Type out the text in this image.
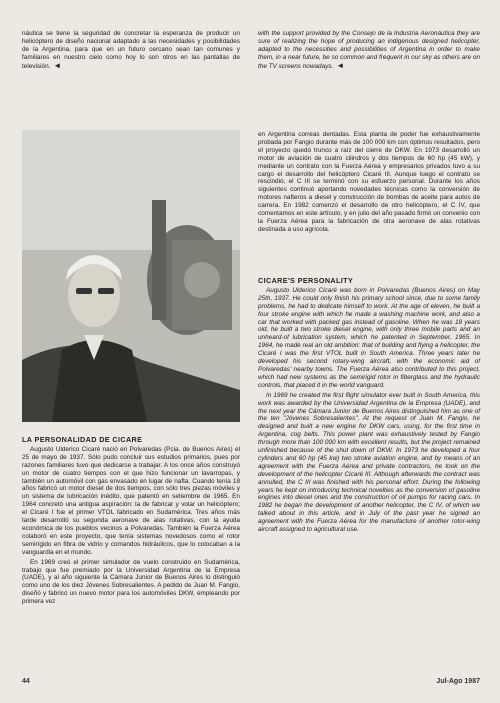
náutica se tiene la seguridad de concretar la esperanza de producir un helicóptero de diseño nacional adaptado a las necesidades y posibilidades de la Argentina, para que en un futuro cercano sean tan comunes y familiares en nuestro cielo como hoy lo son otros en las pantallas de televisión. ◄

with the support provided by the Consejo de la Industria Aeronáutica they are sure of realizing the hope of producing an indigenous designed helicopter, adapted to the necessities and possibilities of Argentina in order to make them, in a near future, be so common and frequent in our sky as others are on the TV screens nowadays. ◄

en Argentina correas dentadas. Esta planta de poder fue exhaustivamente probada por Fangio durante más de 100 000 km con óptimos resultados, pero el proyecto quedó trunco a raíz del cierre de DKW. En 1973 desarrolló un motor de aviación de cuatro cilindros y dos tiempos de 60 hp (45 kW), y mediante un contrato con la Fuerza Aérea y empresarios privados tuvo a su cargo el desarrollo del helicóptero Cicaré III. Aunque luego el contrato se rescindió, el C III se terminó con su esfuerzo personal. Durante los años siguientes continuó aportando novedades técnicas como la conversión de motores nafteros a diesel y construcción de bombas de aceite para autos de carrera. En 1982 comenzó el desarrollo de otro helicóptero, el C IV, que comentamos en este artículo, y en julio del año pasado firmó un convenio con la Fuerza Aérea para la fabricación de otra aeronave de alas rotativas destinada a uso agrícola.

CICARE'S PERSONALITY

Augusto Ulderico Cicaré was born in Polvaredas (Buenos Aires) on May 25th, 1937. He could only finish his primary school since, due to some family problems, he had to dedicate himself to work. At the age of eleven, he built a four stroke engine with which he made a washing machine work, and also a car that worked with packed gas instead of gasoline. When he was 18 years old, he built a two stroke diesel engine, with only three mobile parts and an unheard-of lubrication system, which he patented in September, 1965. In 1964, he made real an old ambition: that of building and flying a helicopter, the Cicaré I was the first VTOL built in South America. Three years later he developed his second rotary-wing aircraft, with the economic aid of Polvaredas' nearby towns. The Fuerza Aérea also contributed to this project, which had new systems as the semirigid rotor in fiberglass and the hydraulic controls, that placed it in the world vanguard.

In 1969 he created the first flight simulator ever built in South America, this work was awarded by the Universidad Argentina de la Empresa (UADE), and the next year the Cámara Junior de Buenos Aires distinguished him as one of the ten "Jóvenes Sobresalientes". At the request of Juan M. Fangio, he designed and built a new engine for DKW cars, using, for the first time in Argentina, cog belts. This power plant was exhaustively tested by Fangio through more than 100 000 km with excellent results, but the project remained unfinished because of the shut down of DKW. In 1973 he developed a four cylinders and 60 hp (45 kw) two stroke aviation engine, and by means of an agreement with the Fuerza Aérea and private contractors, he took on the development of the helicopter Cicaré III. Although afterwards the contract was annulled, the C III was finished with his personal effort. During the following years he kept on introducing technical novelties as the conversion of gasoline engines into diesel ones and the construction of oil pumps for racing cars. In 1982 he began the development of another helicopter, the C IV, of which we talked about in this article, and in July of the past year he signed an agreement with the Fuerza Aérea for the manufacture of another rotor-wing aircraft assigned to agricultural use.

LA PERSONALIDAD DE CICARE

Augusto Ulderico Cicaré nació en Polvaredas (Pcia. de Buenos Aires) el 25 de mayo de 1937. Sólo pudo concluir sus estudios primarios, pues por razones familiares tuvo que dedicarse a trabajar. A los once años construyó un motor de cuatro tiempos con el que hizo funcionar un lavarropas, y también un automóvil con gas envasado en lugar de nafta. Cuando tenía 18 años fabricó un motor diesel de dos tiempos, con sólo tres piezas móviles y un sistema de lubricación inédito, que patentó en setiembre de 1965. En 1964 concretó una antigua aspiración: la de fabricar y volar un helicóptero; el Cicaré I fue el primer VTOL fabricado en Sudamérica. Tres años más tarde desarrolló su segunda aeronave de alas rotativas, con la ayuda económica de los pueblos vecinos a Polvaredas. También la Fuerza Aérea colaboró en este proyecto, que tenía sistemas novedosos como el rotor semirígido en fibra de vidrio y comandos hidráulicos, que lo colocaban a la vanguardia en el mundo.

En 1969 creó el primer simulador de vuelo construido en Sudamérica, trabajo que fue premiado por la Universidad Argentina de la Empresa (UADE), y al año siguiente la Cámara Junior de Buenos Aires lo distinguió como uno de los diez Jóvenes Sobresalientes. A pedido de Juan M. Fangio, diseñó y fabricó un nuevo motor para los automóviles DKW, empleando por primera vez

44	Jul-Ago 1987
